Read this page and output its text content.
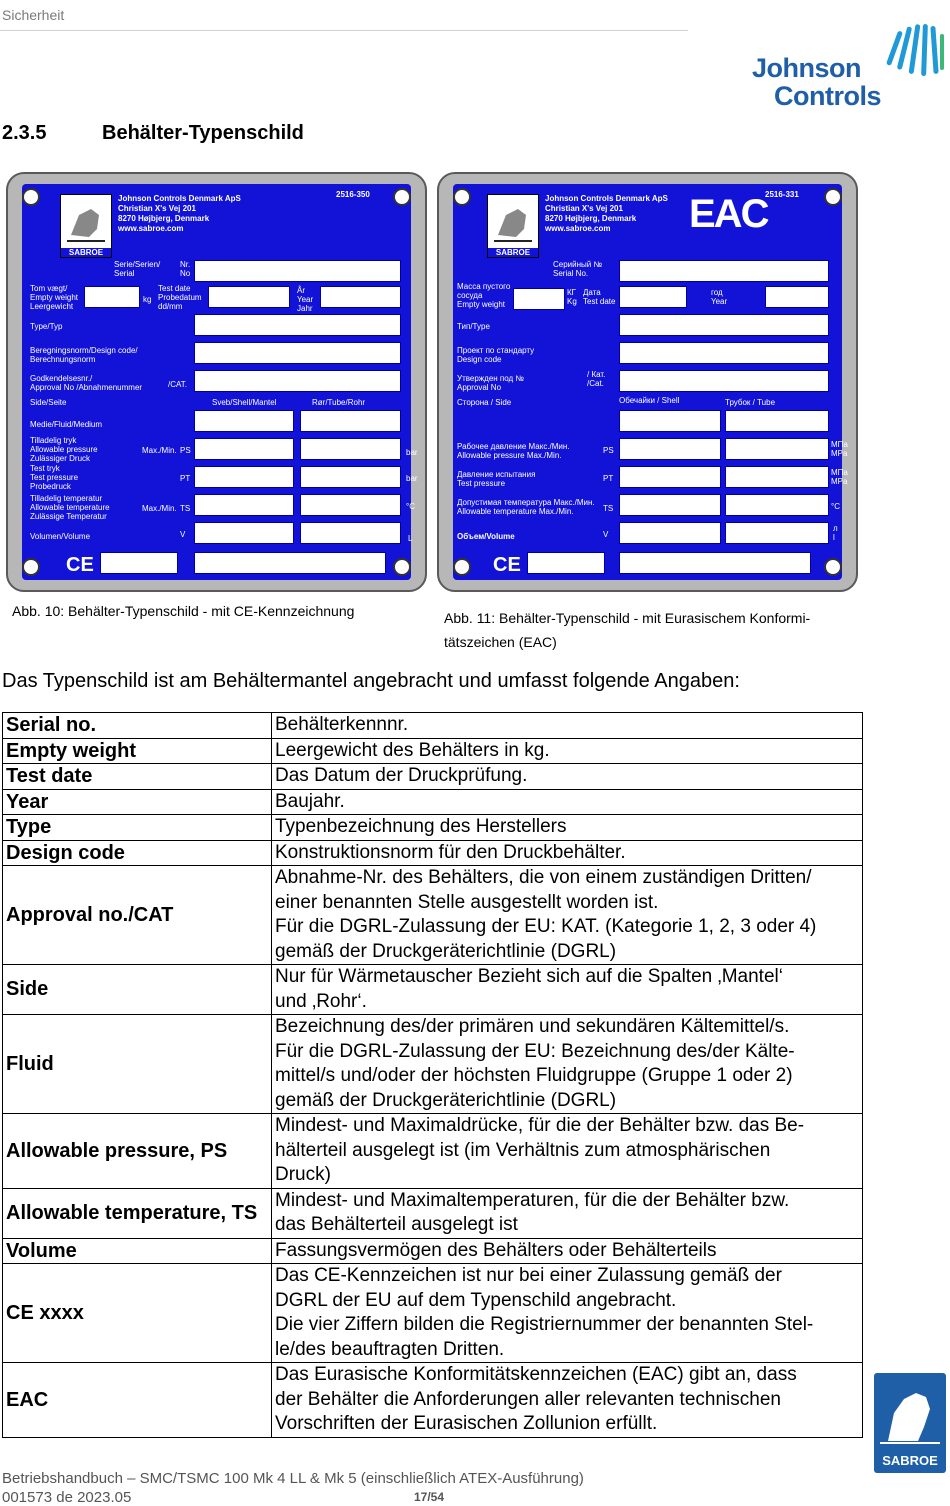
Sicherheit
Johnson
Controls
2.3.5	Behälter-Typenschild
SABROE
Johnson Controls Denmark ApS
Christian X's Vej 201
8270 Højbjerg, Denmark
www.sabroe.com
2516-350
Serie/Serien/
Serial
Nr.
No
Tom vægt/
Empty weight
Leergewicht
kg
Test date
Probedatum
dd/mm
År
Year
Jahr
Type/Typ
Beregningsnorm/Design code/
Berechnungsnorm
Godkendelsesnr./
Approval No /Abnahmenummer	/CAT.
Side/Seite	Sveb/Shell/Mantel	Rør/Tube/Rohr
Medie/Fluid/Medium
Tilladelig tryk
Allowable pressure
Zulässiger Druck
Max./Min. PS	bar
Test tryk
Test pressure
Probedruck
PT	bar
Tilladelig temperatur
Allowable temperature
Zulässige Temperatur
Max./Min. TS	°C
Volumen/Volume	V	L
CE
SABROE
Johnson Controls Denmark ApS
Christian X's Vej 201
8270 Højbjerg, Denmark
www.sabroe.com	EAC
2516-331
Серийный №
Serial No.
Масса пустого
сосуда
Empty weight
КГ
Kg
Дата
Test date
год
Year
Тип/Type
Проект по стандарту
Design code
Утвержден под №
Approval No
/ Кат.
/Cat.
Сторона / Side	Обечайки / Shell	Трубок / Tube
Рабочее давление Макс./Мин.
Allowable pressure Max./Min.
PS
МПа
MPa
Давление испытания
Test pressure
PT
МПа
MPa
Допустимая температура Макс./Мин.
Allowable temperature Max./Min.	TS	°C
Объем/Volume	V
л
l
CE
Abb. 10: Behälter-Typenschild - mit CE-Kennzeichnung	Abb. 11: Behälter-Typenschild - mit Eurasischem Konformi-
tätszeichen (EAC)
Das Typenschild ist am Behältermantel angebracht und umfasst folgende Angaben:
Serial no.	Behälterkennnr.
Empty weight	Leergewicht des Behälters in kg.
Test date	Das Datum der Druckprüfung.
Year	Baujahr.
Type	Typenbezeichnung des Herstellers
Design code	Konstruktionsnorm für den Druckbehälter.
Approval no./CAT	Abnahme-Nr. des Behälters, die von einem zuständigen Dritten/
einer benannten Stelle ausgestellt worden ist.
Für die DGRL-Zulassung der EU: KAT. (Kategorie 1, 2, 3 oder 4)
gemäß der Druckgeräterichtlinie (DGRL)
Side	Nur für Wärmetauscher Bezieht sich auf die Spalten ‚Mantel‘
und ‚Rohr‘.
Fluid	Bezeichnung des/der primären und sekundären Kältemittel/s.
Für die DGRL-Zulassung der EU: Bezeichnung des/der Kälte-
mittel/s und/oder der höchsten Fluidgruppe (Gruppe 1 oder 2)
gemäß der Druckgeräterichtlinie (DGRL)
Allowable pressure, PS	Mindest- und Maximaldrücke, für die der Behälter bzw. das Be-
hälterteil ausgelegt ist (im Verhältnis zum atmosphärischen
Druck)
Allowable temperature, TS	Mindest- und Maximaltemperaturen, für die der Behälter bzw.
das Behälterteil ausgelegt ist
Volume	Fassungsvermögen des Behälters oder Behälterteils
CE xxxx	Das CE-Kennzeichen ist nur bei einer Zulassung gemäß der
DGRL der EU auf dem Typenschild angebracht.
Die vier Ziffern bilden die Registriernummer der benannten Stel-
le/des beauftragten Dritten.
EAC	Das Eurasische Konformitätskennzeichen (EAC) gibt an, dass
der Behälter die Anforderungen aller relevanten technischen
Vorschriften der Eurasischen Zollunion erfüllt.
Betriebshandbuch – SMC/TSMC 100 Mk 4 LL & Mk 5 (einschließlich ATEX-Ausführung)
001573 de 2023.05	17/54
SABROE
